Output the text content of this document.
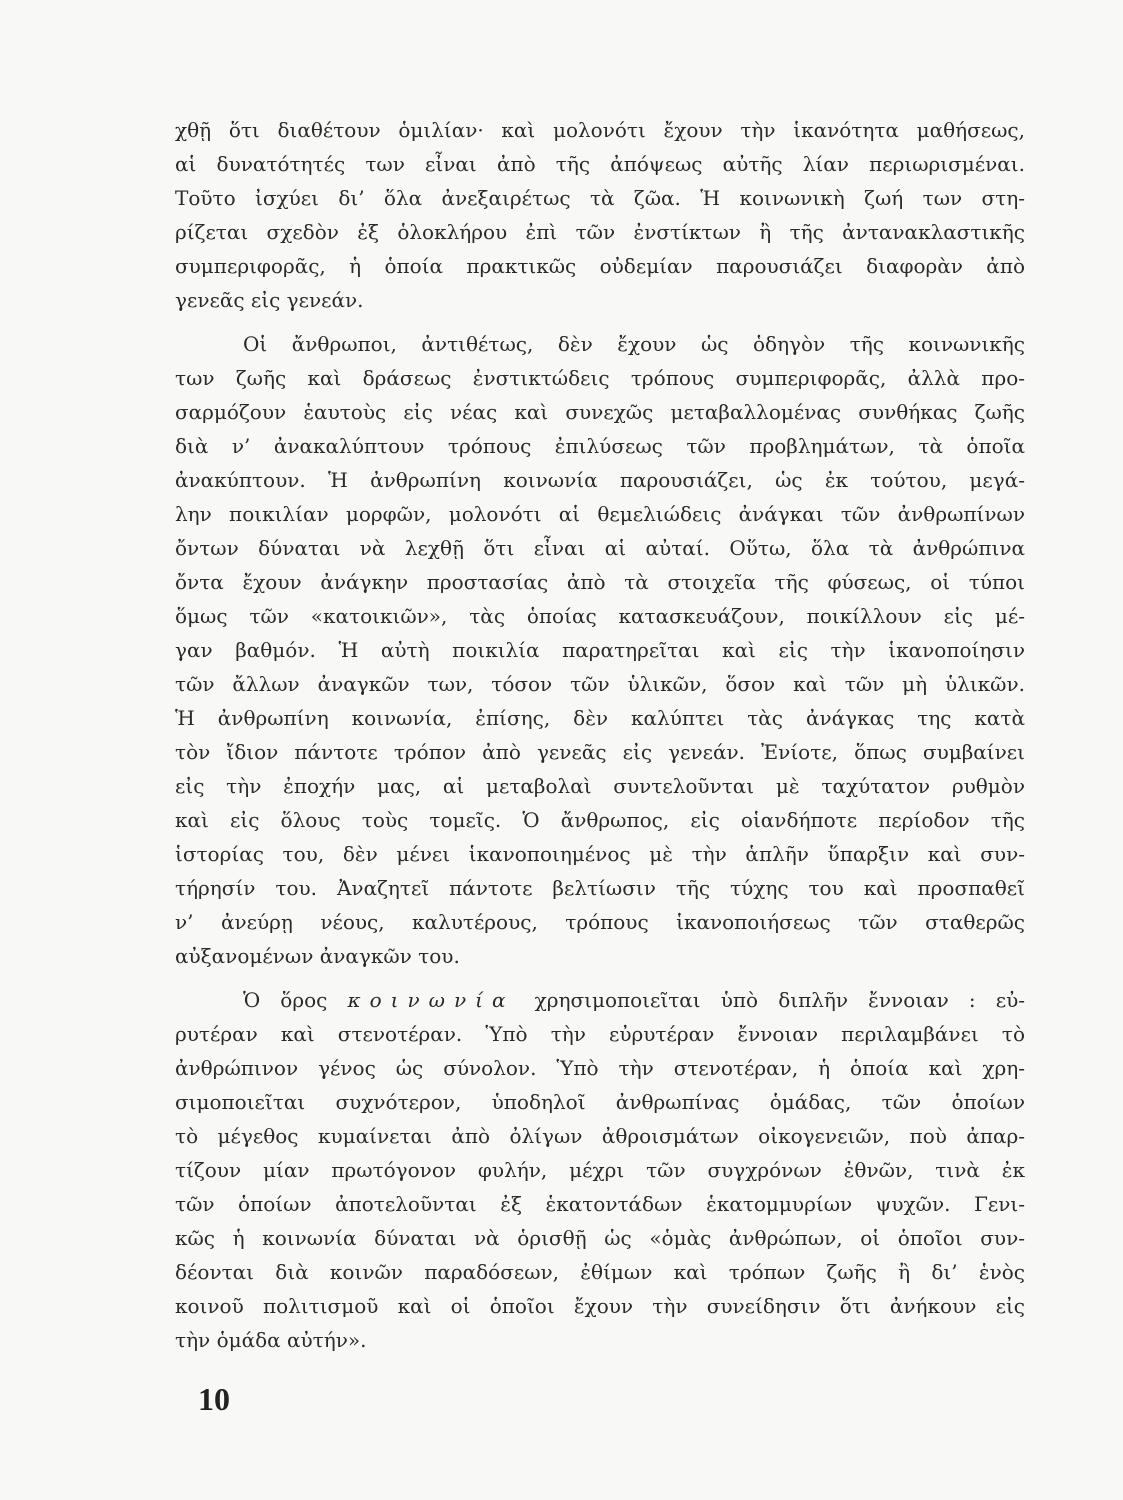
χθῇ ὅτι διαθέτουν ὁμιλίαν· καὶ μολονότι ἔχουν τὴν ἱκανότητα μαθήσεως,
αἱ δυνατότητές των εἶναι ἀπὸ τῆς ἀπόψεως αὐτῆς λίαν περιωρισμέναι.
Τοῦτο ἰσχύει δι’ ὅλα ἀνεξαιρέτως τὰ ζῶα. Ἡ κοινωνικὴ ζωή των στη-
ρίζεται σχεδὸν ἐξ ὁλοκλήρου ἐπὶ τῶν ἐνστίκτων ἢ τῆς ἀντανακλαστικῆς
συμπεριφορᾶς, ἡ ὁποία πρακτικῶς οὐδεμίαν παρουσιάζει διαφορὰν ἀπὸ
γενεᾶς εἰς γενεάν.
Οἱ ἄνθρωποι, ἀντιθέτως, δὲν ἔχουν ὡς ὁδηγὸν τῆς κοινωνικῆς
των ζωῆς καὶ δράσεως ἐνστικτώδεις τρόπους συμπεριφορᾶς, ἀλλὰ προ-
σαρμόζουν ἑαυτοὺς εἰς νέας καὶ συνεχῶς μεταβαλλομένας συνθήκας ζωῆς
διὰ ν’ ἀνακαλύπτουν τρόπους ἐπιλύσεως τῶν προβλημάτων, τὰ ὁποῖα
ἀνακύπτουν. Ἡ ἀνθρωπίνη κοινωνία παρουσιάζει, ὡς ἐκ τούτου, μεγά-
λην ποικιλίαν μορφῶν, μολονότι αἱ θεμελιώδεις ἀνάγκαι τῶν ἀνθρωπίνων
ὄντων δύναται νὰ λεχθῇ ὅτι εἶναι αἱ αὐταί. Οὕτω, ὅλα τὰ ἀνθρώπινα
ὄντα ἔχουν ἀνάγκην προστασίας ἀπὸ τὰ στοιχεῖα τῆς φύσεως, οἱ τύποι
ὅμως τῶν «κατοικιῶν», τὰς ὁποίας κατασκευάζουν, ποικίλλουν εἰς μέ-
γαν βαθμόν. Ἡ αὐτὴ ποικιλία παρατηρεῖται καὶ εἰς τὴν ἱκανοποίησιν
τῶν ἄλλων ἀναγκῶν των, τόσον τῶν ὑλικῶν, ὅσον καὶ τῶν μὴ ὑλικῶν.
Ἡ ἀνθρωπίνη κοινωνία, ἐπίσης, δὲν καλύπτει τὰς ἀνάγκας της κατὰ
τὸν ἴδιον πάντοτε τρόπον ἀπὸ γενεᾶς εἰς γενεάν. Ἐνίοτε, ὅπως συμβαίνει
εἰς τὴν ἐποχήν μας, αἱ μεταβολαὶ συντελοῦνται μὲ ταχύτατον ρυθμὸν
καὶ εἰς ὅλους τοὺς τομεῖς. Ὁ ἄνθρωπος, εἰς οἱανδήποτε περίοδον τῆς
ἱστορίας του, δὲν μένει ἱκανοποιημένος μὲ τὴν ἁπλῆν ὕπαρξιν καὶ συν-
τήρησίν του. Ἀναζητεῖ πάντοτε βελτίωσιν τῆς τύχης του καὶ προσπαθεῖ
ν’ ἀνεύρῃ νέους, καλυτέρους, τρόπους ἱκανοποιήσεως τῶν σταθερῶς
αὐξανομένων ἀναγκῶν του.
Ὁ ὅρος κοινωνία χρησιμοποιεῖται ὑπὸ διπλῆν ἔννοιαν : εὐ-
ρυτέραν καὶ στενοτέραν. Ὑπὸ τὴν εὐρυτέραν ἔννοιαν περιλαμβάνει τὸ
ἀνθρώπινον γένος ὡς σύνολον. Ὑπὸ τὴν στενοτέραν, ἡ ὁποία καὶ χρη-
σιμοποιεῖται συχνότερον, ὑποδηλοῖ ἀνθρωπίνας ὁμάδας, τῶν ὁποίων
τὸ μέγεθος κυμαίνεται ἀπὸ ὀλίγων ἀθροισμάτων οἰκογενειῶν, ποὺ ἀπαρ-
τίζουν μίαν πρωτόγονον φυλήν, μέχρι τῶν συγχρόνων ἐθνῶν, τινὰ ἐκ
τῶν ὁποίων ἀποτελοῦνται ἐξ ἑκατοντάδων ἑκατομμυρίων ψυχῶν. Γενι-
κῶς ἡ κοινωνία δύναται νὰ ὁρισθῇ ὡς «ὁμὰς ἀνθρώπων, οἱ ὁποῖοι συν-
δέονται διὰ κοινῶν παραδόσεων, ἐθίμων καὶ τρόπων ζωῆς ἢ δι’ ἑνὸς
κοινοῦ πολιτισμοῦ καὶ οἱ ὁποῖοι ἔχουν τὴν συνείδησιν ὅτι ἀνήκουν εἰς
τὴν ὁμάδα αὐτήν».
10
